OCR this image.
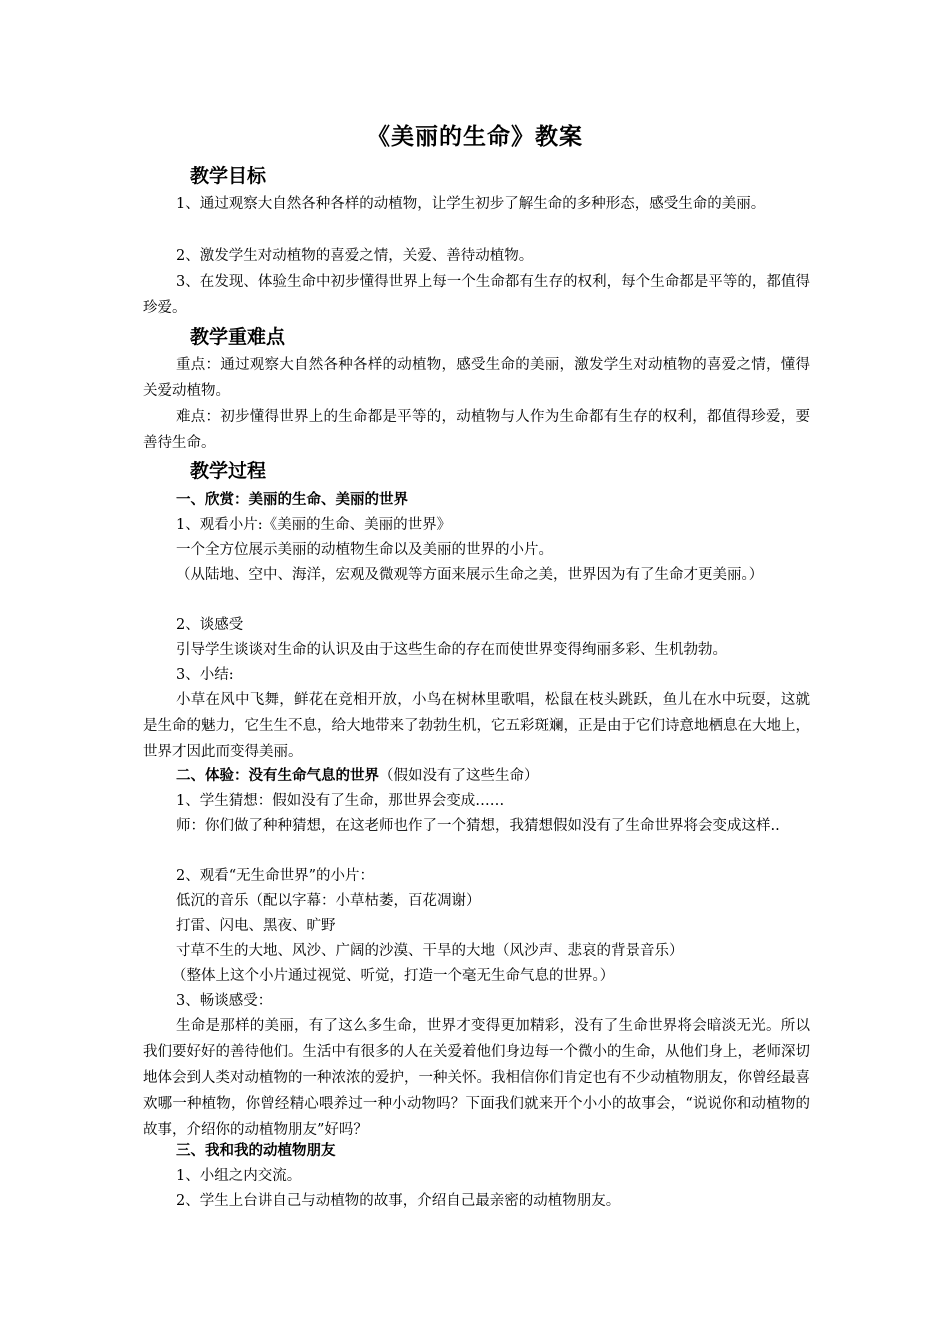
《美丽的生命》教案
教学目标
1、通过观察大自然各种各样的动植物，让学生初步了解生命的多种形态，感受生命的美丽。
2、激发学生对动植物的喜爱之情，关爱、善待动植物。
3、在发现、体验生命中初步懂得世界上每一个生命都有生存的权利，每个生命都是平等的，都值得珍爱。
教学重难点
重点：通过观察大自然各种各样的动植物，感受生命的美丽，激发学生对动植物的喜爱之情，懂得关爱动植物。
难点：初步懂得世界上的生命都是平等的，动植物与人作为生命都有生存的权利，都值得珍爱，要善待生命。
教学过程
一、欣赏：美丽的生命、美丽的世界
1、观看小片:《美丽的生命、美丽的世界》
一个全方位展示美丽的动植物生命以及美丽的世界的小片。
（从陆地、空中、海洋，宏观及微观等方面来展示生命之美，世界因为有了生命才更美丽。）
2、谈感受
引导学生谈谈对生命的认识及由于这些生命的存在而使世界变得绚丽多彩、生机勃勃。
3、小结:
小草在风中飞舞，鲜花在竞相开放，小鸟在树林里歌唱，松鼠在枝头跳跃，鱼儿在水中玩耍，这就是生命的魅力，它生生不息，给大地带来了勃勃生机，它五彩斑斓，正是由于它们诗意地栖息在大地上，世界才因此而变得美丽。
二、体验：没有生命气息的世界（假如没有了这些生命）
1、学生猜想：假如没有了生命，那世界会变成……
师：你们做了种种猜想，在这老师也作了一个猜想，我猜想假如没有了生命世界将会变成这样..
2、观看“无生命世界”的小片：
低沉的音乐（配以字幕：小草枯萎，百花凋谢）
打雷、闪电、黑夜、旷野
寸草不生的大地、风沙、广阔的沙漠、干旱的大地（风沙声、悲哀的背景音乐）
（整体上这个小片通过视觉、听觉，打造一个毫无生命气息的世界。）
3、畅谈感受：
生命是那样的美丽，有了这么多生命，世界才变得更加精彩，没有了生命世界将会暗淡无光。所以我们要好好的善待他们。生活中有很多的人在关爱着他们身边每一个微小的生命，从他们身上，老师深切地体会到人类对动植物的一种浓浓的爱护，一种关怀。我相信你们肯定也有不少动植物朋友，你曾经最喜欢哪一种植物，你曾经精心喂养过一种小动物吗？下面我们就来开个小小的故事会，“说说你和动植物的故事，介绍你的动植物朋友”好吗？
三、我和我的动植物朋友
1、小组之内交流。
2、学生上台讲自己与动植物的故事，介绍自己最亲密的动植物朋友。
